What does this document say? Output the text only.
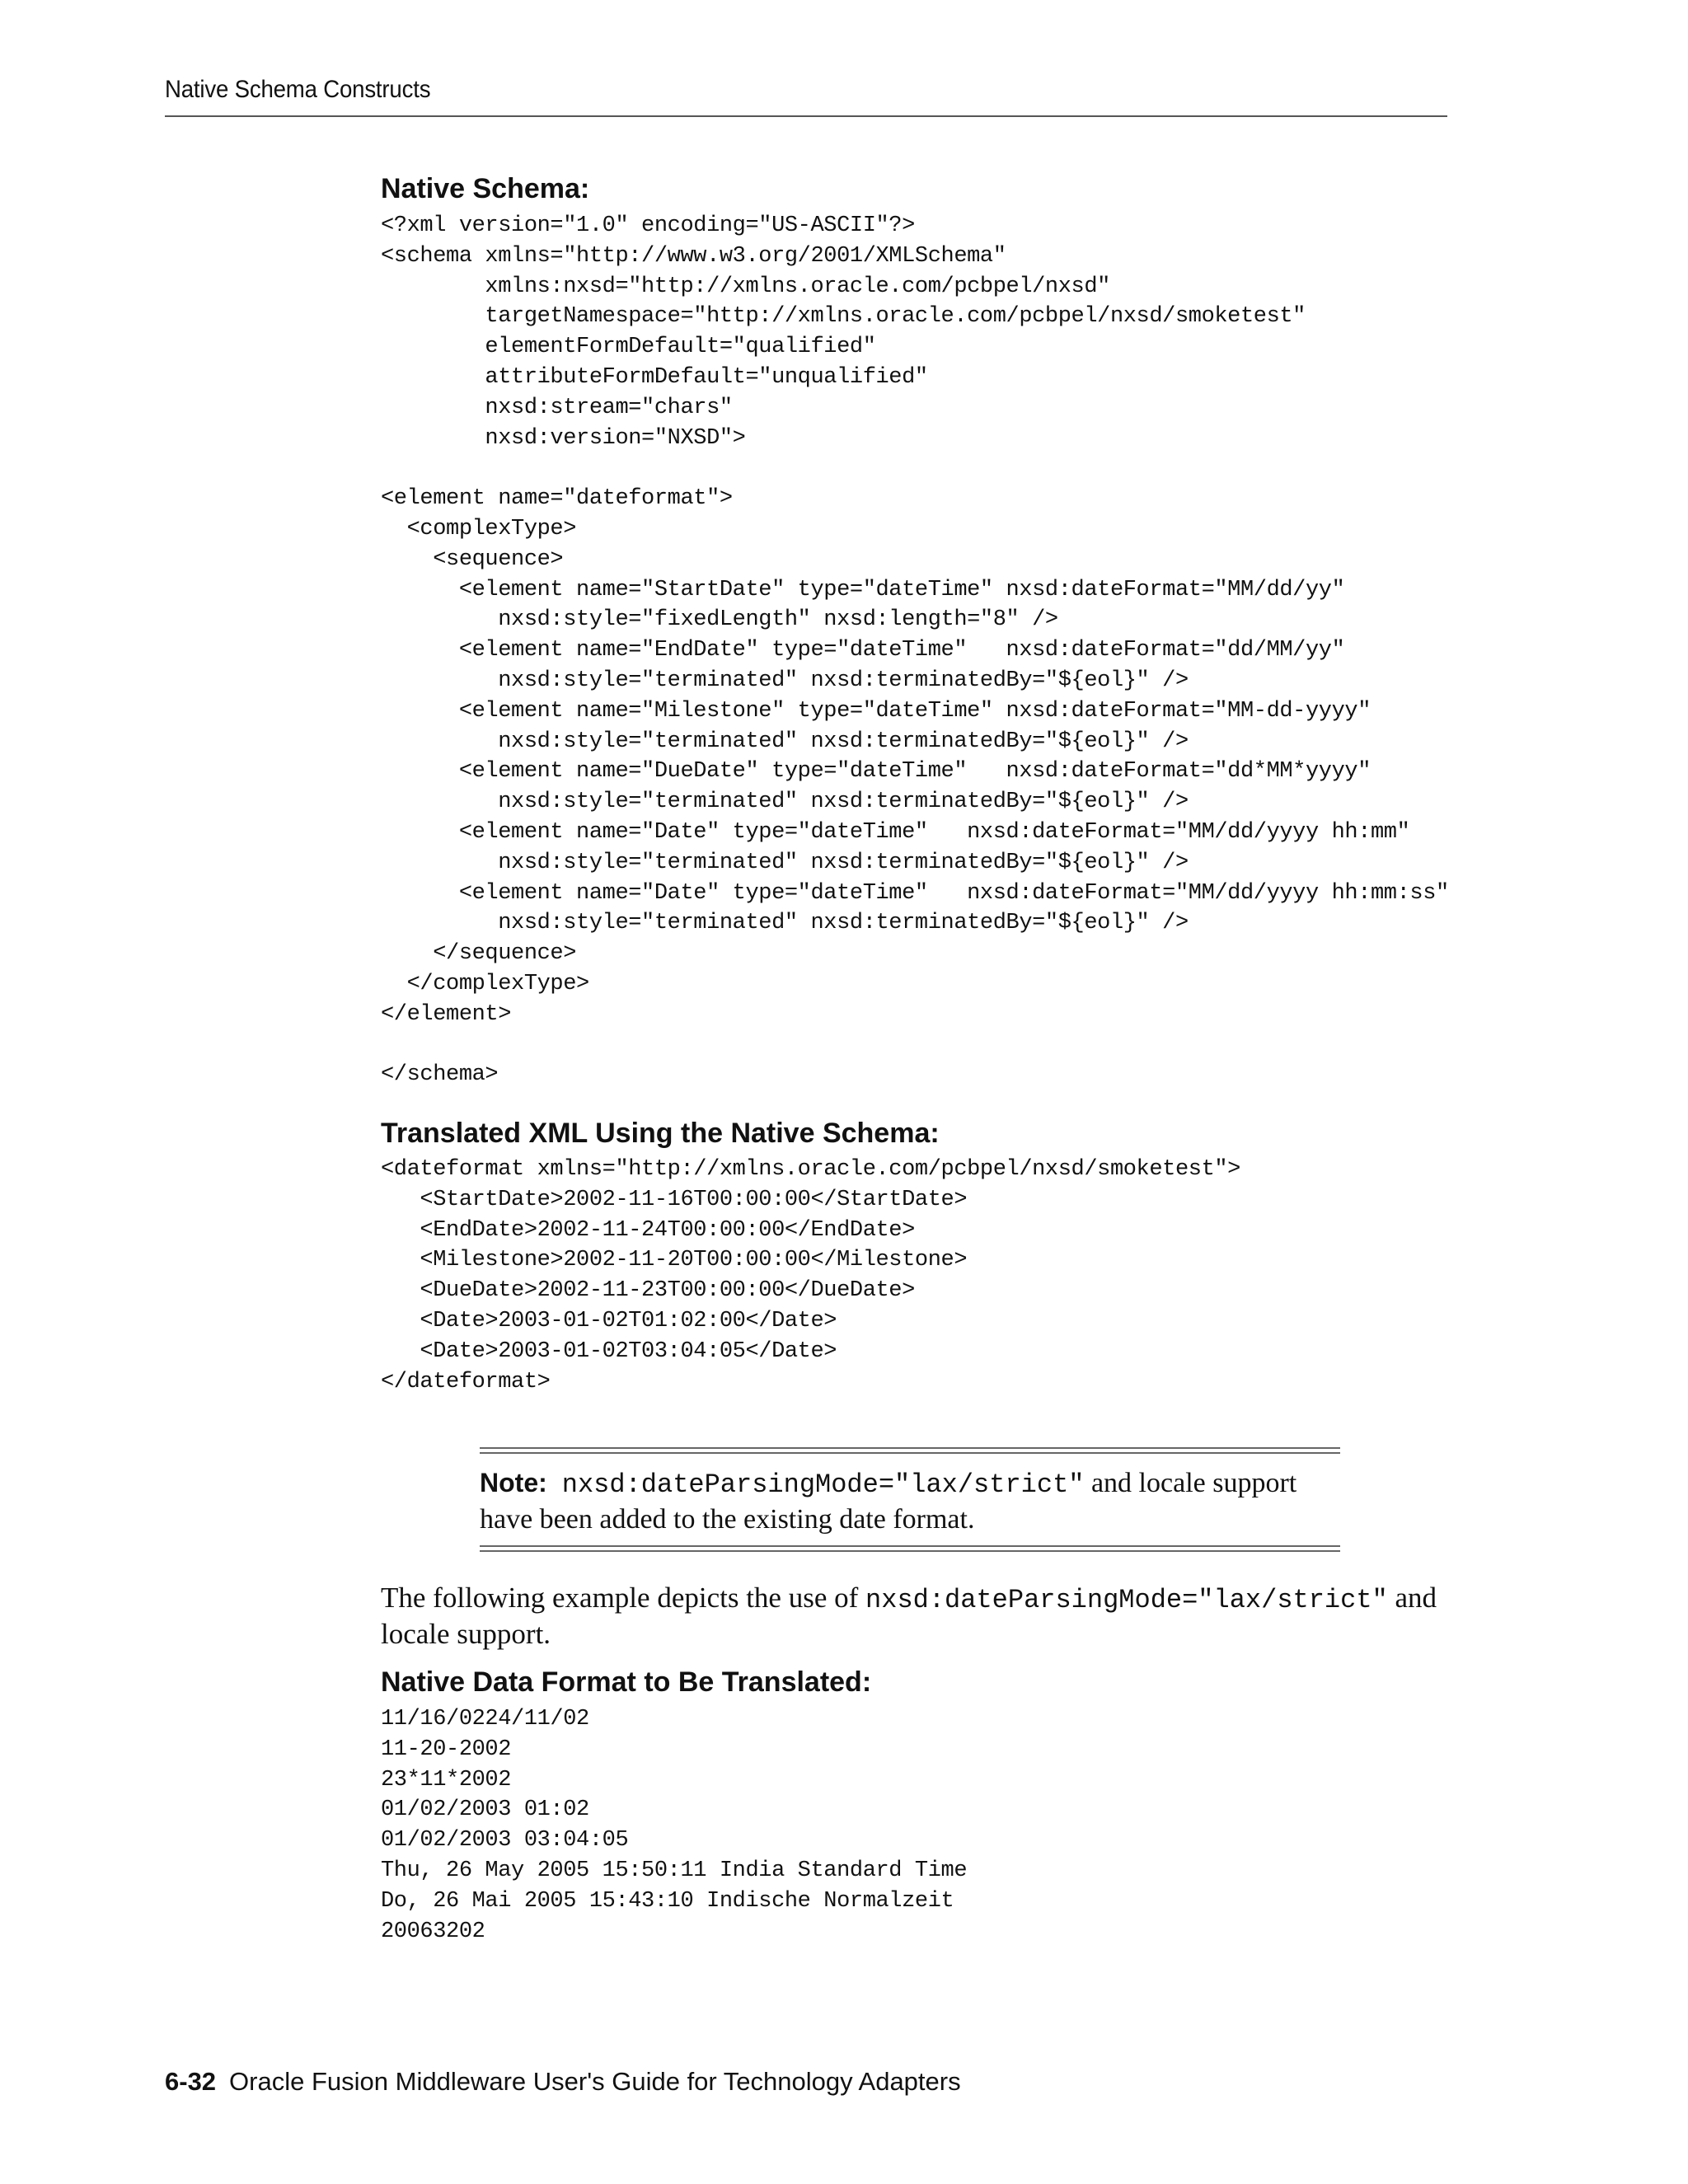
Native Schema Constructs
Native Schema:
<?xml version="1.0" encoding="US-ASCII"?>
<schema xmlns="http://www.w3.org/2001/XMLSchema"
xmlns:nxsd="http://xmlns.oracle.com/pcbpel/nxsd"
targetNamespace="http://xmlns.oracle.com/pcbpel/nxsd/smoketest"
elementFormDefault="qualified"
attributeFormDefault="unqualified"
nxsd:stream="chars"
nxsd:version="NXSD">

<element name="dateformat">
<complexType>
<sequence>
<element name="StartDate" type="dateTime" nxsd:dateFormat="MM/dd/yy"
nxsd:style="fixedLength" nxsd:length="8" />
<element name="EndDate" type="dateTime"   nxsd:dateFormat="dd/MM/yy"
nxsd:style="terminated" nxsd:terminatedBy="${eol}" />
<element name="Milestone" type="dateTime" nxsd:dateFormat="MM-dd-yyyy"
nxsd:style="terminated" nxsd:terminatedBy="${eol}" />
<element name="DueDate" type="dateTime"   nxsd:dateFormat="dd*MM*yyyy"
nxsd:style="terminated" nxsd:terminatedBy="${eol}" />
<element name="Date" type="dateTime"   nxsd:dateFormat="MM/dd/yyyy hh:mm"
nxsd:style="terminated" nxsd:terminatedBy="${eol}" />
<element name="Date" type="dateTime"   nxsd:dateFormat="MM/dd/yyyy hh:mm:ss"
nxsd:style="terminated" nxsd:terminatedBy="${eol}" />
</sequence>
</complexType>
</element>

</schema>
Translated XML Using the Native Schema:
<dateformat xmlns="http://xmlns.oracle.com/pcbpel/nxsd/smoketest">
<StartDate>2002-11-16T00:00:00</StartDate>
<EndDate>2002-11-24T00:00:00</EndDate>
<Milestone>2002-11-20T00:00:00</Milestone>
<DueDate>2002-11-23T00:00:00</DueDate>
<Date>2003-01-02T01:02:00</Date>
<Date>2003-01-02T03:04:05</Date>
</dateformat>
Note: nxsd:dateParsingMode="lax/strict" and locale support have been added to the existing date format.

The following example depicts the use of nxsd:dateParsingMode="lax/strict" and locale support.

Native Data Format to Be Translated:
11/16/0224/11/02
11-20-2002
23*11*2002
01/02/2003 01:02
01/02/2003 03:04:05
Thu, 26 May 2005 15:50:11 India Standard Time
Do, 26 Mai 2005 15:43:10 Indische Normalzeit
20063202
6-32 Oracle Fusion Middleware User's Guide for Technology Adapters
